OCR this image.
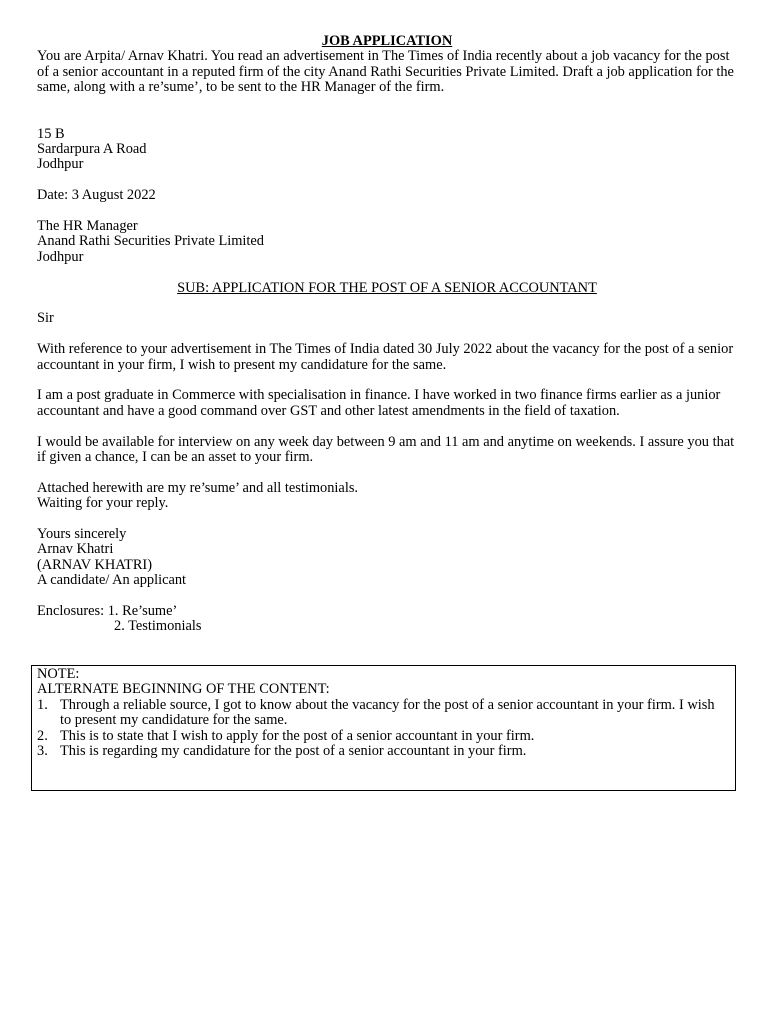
JOB APPLICATION

You are Arpita/ Arnav Khatri. You read an advertisement in The Times of India recently about a job vacancy for the post of a senior accountant in a reputed firm of the city Anand Rathi Securities Private Limited. Draft a job application for the same, along with a re’sume’, to be sent to the HR Manager of the firm.

15 B
Sardarpura A Road
Jodhpur

Date: 3 August 2022

The HR Manager
Anand Rathi Securities Private Limited
Jodhpur

SUB: APPLICATION FOR THE POST OF A SENIOR ACCOUNTANT

Sir

With reference to your advertisement in The Times of India dated 30 July 2022 about the vacancy for the post of a senior accountant in your firm, I wish to present my candidature for the same.

I am a post graduate in Commerce with specialisation in finance. I have worked in two finance firms earlier as a junior accountant and have a good command over GST and other latest amendments in the field of taxation.

I would be available for interview on any week day between 9 am and 11 am and anytime on weekends. I assure you that if given a chance, I can be an asset to your firm.

Attached herewith are my re’sume’ and all testimonials.
Waiting for your reply.
Yours sincerely
Arnav Khatri
(ARNAV KHATRI)
A candidate/ An applicant
Enclosures: 1. Re’sume’
2. Testimonials
NOTE:
ALTERNATE BEGINNING OF THE CONTENT:
1. Through a reliable source, I got to know about the vacancy for the post of a senior accountant in your firm. I wish to present my candidature for the same.
2. This is to state that I wish to apply for the post of a senior accountant in your firm.
3. This is regarding my candidature for the post of a senior accountant in your firm.
